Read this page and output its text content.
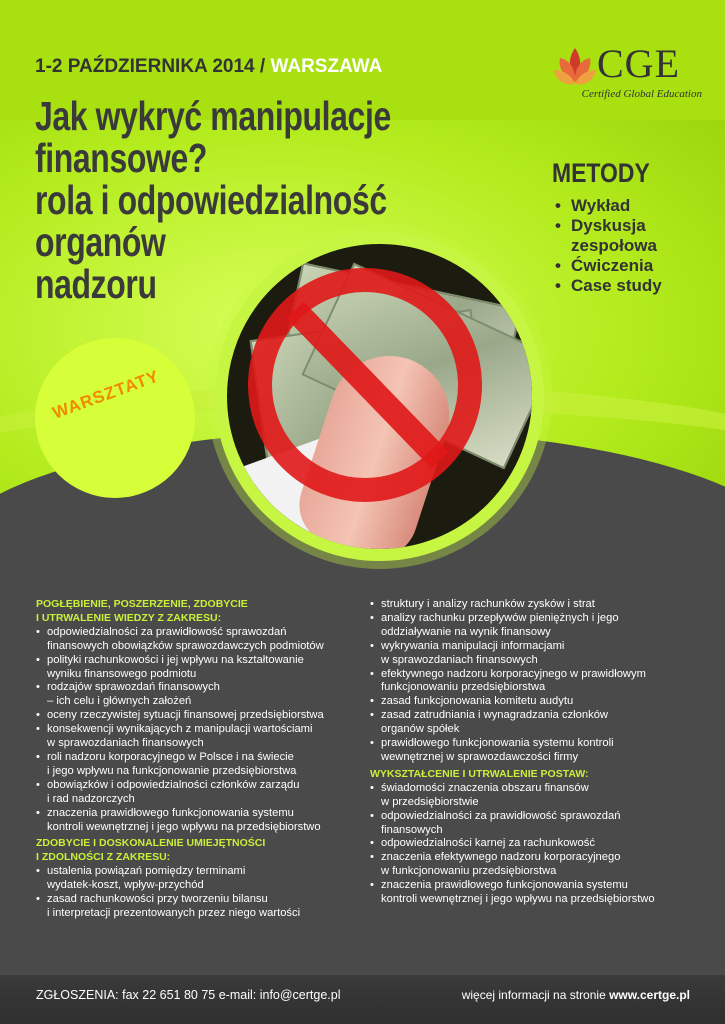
1-2 PAŹDZIERNIKA 2014 / WARSZAWA
Jak wykryć manipulacje
finansowe?
rola i odpowiedzialność
organów
nadzoru
CGE
Certified Global Education
METODY
• Wykład
• Dyskusja
zespołowa
• Ćwiczenia
• Case study
WARSZTATY
POGŁĘBIENIE, POSZERZENIE, ZDOBYCIE
I UTRWALENIE WIEDZY Z ZAKRESU:
• odpowiedzialności za prawidłowość sprawozdań
finansowych obowiązków sprawozdawczych podmiotów
• polityki rachunkowości i jej wpływu na kształtowanie
wyniku finansowego podmiotu
• rodzajów sprawozdań finansowych
– ich celu i głównych założeń
• oceny rzeczywistej sytuacji finansowej przedsiębiorstwa
• konsekwencji wynikających z manipulacji wartościami
w sprawozdaniach finansowych
• roli nadzoru korporacyjnego w Polsce i na świecie
i jego wpływu na funkcjonowanie przedsiębiorstwa
• obowiązków i odpowiedzialności członków zarządu
i rad nadzorczych
• znaczenia prawidłowego funkcjonowania systemu
kontroli wewnętrznej i jego wpływu na przedsiębiorstwo
ZDOBYCIE I DOSKONALENIE UMIEJĘTNOŚCI
I ZDOLNOŚCI Z ZAKRESU:
• ustalenia powiązań pomiędzy terminami
wydatek-koszt, wpływ-przychód
• zasad rachunkowości przy tworzeniu bilansu
i interpretacji prezentowanych przez niego wartości
• struktury i analizy rachunków zysków i strat
• analizy rachunku przepływów pieniężnych i jego
oddziaływanie na wynik finansowy
• wykrywania manipulacji informacjami
w sprawozdaniach finansowych
• efektywnego nadzoru korporacyjnego w prawidłowym
funkcjonowaniu przedsiębiorstwa
• zasad funkcjonowania komitetu audytu
• zasad zatrudniania i wynagradzania członków
organów spółek
• prawidłowego funkcjonowania systemu kontroli
wewnętrznej w sprawozdawczości firmy
WYKSZTAŁCENIE I UTRWALENIE POSTAW:
• świadomości znaczenia obszaru finansów
w przedsiębiorstwie
• odpowiedzialności za prawidłowość sprawozdań
finansowych
• odpowiedzialności karnej za rachunkowość
• znaczenia efektywnego nadzoru korporacyjnego
w funkcjonowaniu przedsiębiorstwa
• znaczenia prawidłowego funkcjonowania systemu
kontroli wewnętrznej i jego wpływu na przedsiębiorstwo
ZGŁOSZENIA: fax 22 651 80 75 e-mail: info@certge.pl	więcej informacji na stronie www.certge.pl
